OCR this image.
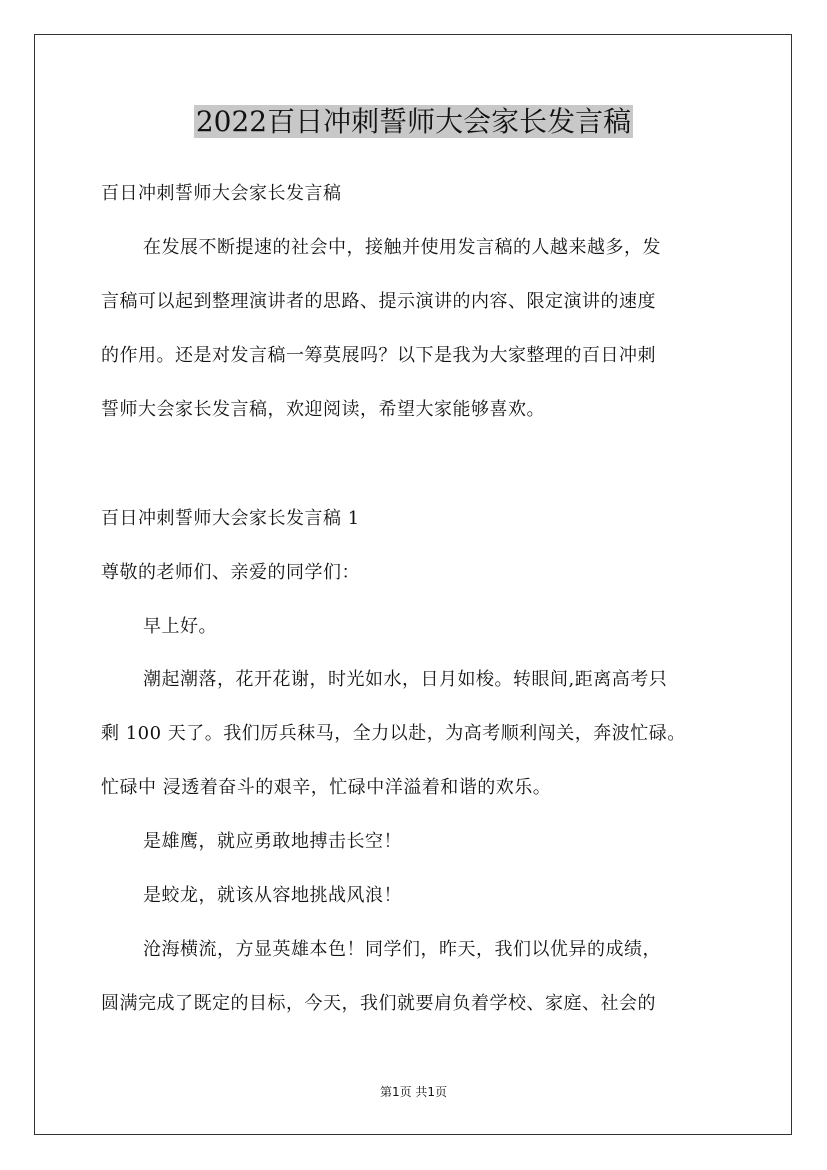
2022百日冲刺誓师大会家长发言稿
百日冲刺誓师大会家长发言稿
在发展不断提速的社会中，接触并使用发言稿的人越来越多，发
言稿可以起到整理演讲者的思路、提示演讲的内容、限定演讲的速度
的作用。还是对发言稿一筹莫展吗？以下是我为大家整理的百日冲刺
誓师大会家长发言稿，欢迎阅读，希望大家能够喜欢。
百日冲刺誓师大会家长发言稿 1
尊敬的老师们、亲爱的同学们：
早上好。
潮起潮落，花开花谢，时光如水，日月如梭。转眼间,距离高考只
剩 100 天了。我们厉兵秣马，全力以赴，为高考顺利闯关，奔波忙碌。
忙碌中 浸透着奋斗的艰辛，忙碌中洋溢着和谐的欢乐。
是雄鹰，就应勇敢地搏击长空！
是蛟龙，就该从容地挑战风浪！
沧海横流，方显英雄本色！同学们，昨天，我们以优异的成绩，
圆满完成了既定的目标，今天，我们就要肩负着学校、家庭、社会的
第1页 共1页
